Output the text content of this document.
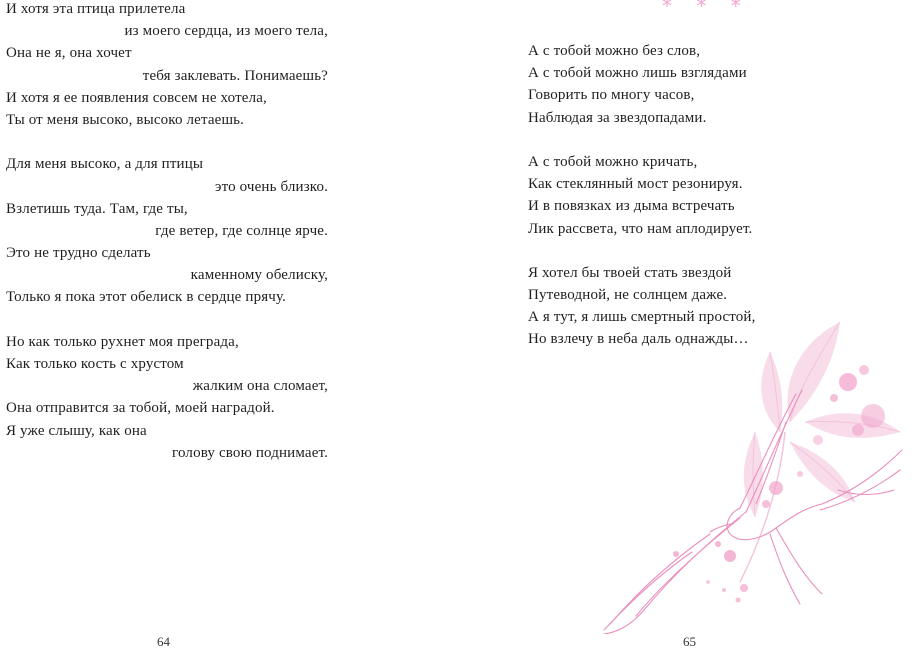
И хотя эта птица прилетела
из моего сердца, из моего тела,
Она не я, она хочет
тебя заклевать. Понимаешь?
И хотя я ее появления совсем не хотела,
Ты от меня высоко, высоко летаешь.
Для меня высоко, а для птицы
это очень близко.
Взлетишь туда. Там, где ты,
где ветер, где солнце ярче.
Это не трудно сделать
каменному обелиску,
Только я пока этот обелиск в сердце прячу.
Но как только рухнет моя преграда,
Как только кость с хрустом
жалким она сломает,
Она отправится за тобой, моей наградой.
Я уже слышу, как она
голову свою поднимает.
64
* * *
А с тобой можно без слов,
А с тобой можно лишь взглядами
Говорить по многу часов,
Наблюдая за звездопадами.
А с тобой можно кричать,
Как стеклянный мост резонируя.
И в повязках из дыма встречать
Лик рассвета, что нам аплодирует.
Я хотел бы твоей стать звездой
Путеводной, не солнцем даже.
А я тут, я лишь смертный простой,
Но взлечу в неба даль однажды…
65
